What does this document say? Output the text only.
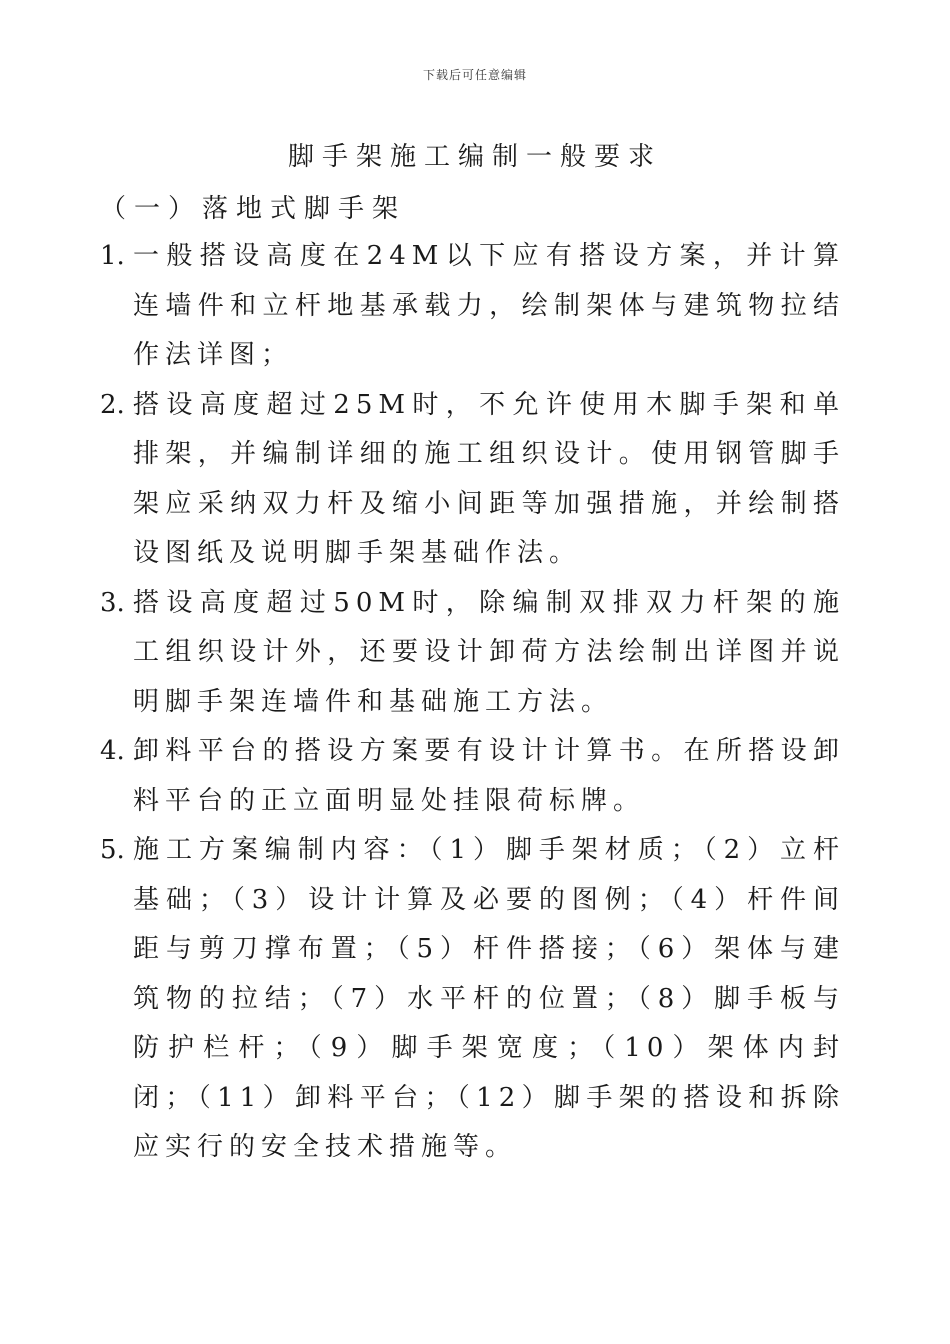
下载后可任意编辑
脚手架施工编制一般要求
（一）落地式脚手架
1. 一般搭设高度在24M以下应有搭设方案，并计算连墙件和立杆地基承载力，绘制架体与建筑物拉结作法详图；
2. 搭设高度超过25M时，不允许使用木脚手架和单排架，并编制详细的施工组织设计。使用钢管脚手架应采纳双力杆及缩小间距等加强措施，并绘制搭设图纸及说明脚手架基础作法。
3. 搭设高度超过50M时，除编制双排双力杆架的施工组织设计外，还要设计卸荷方法绘制出详图并说明脚手架连墙件和基础施工方法。
4. 卸料平台的搭设方案要有设计计算书。在所搭设卸料平台的正立面明显处挂限荷标牌。
5. 施工方案编制内容：（1）脚手架材质；（2）立杆基础；（3）设计计算及必要的图例；（4）杆件间距与剪刀撑布置；（5）杆件搭接；（6）架体与建筑物的拉结；（7）水平杆的位置；（8）脚手板与防护栏杆；（9）脚手架宽度；（10）架体内封闭；（11）卸料平台；（12）脚手架的搭设和拆除应实行的安全技术措施等。
